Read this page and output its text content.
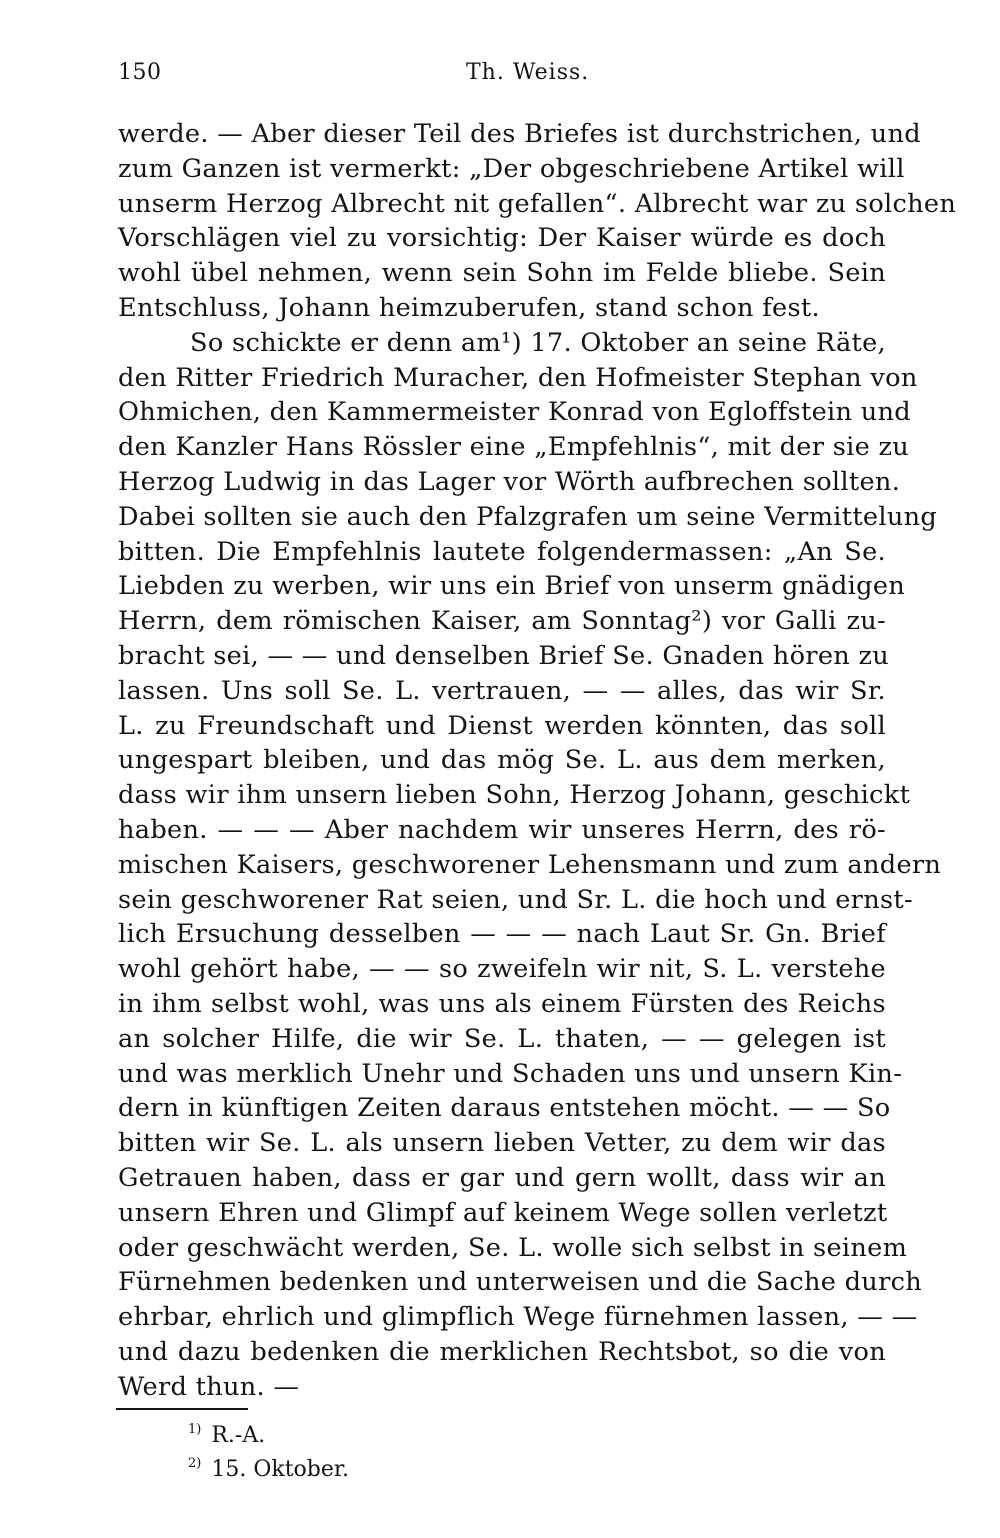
150	Th. Weiss.
werde. — Aber dieser Teil des Briefes ist durchstrichen, und
zum Ganzen ist vermerkt: „Der obgeschriebene Artikel will
unserm Herzog Albrecht nit gefallen“. Albrecht war zu solchen
Vorschlägen viel zu vorsichtig: Der Kaiser würde es doch
wohl übel nehmen, wenn sein Sohn im Felde bliebe. Sein
Entschluss, Johann heimzuberufen, stand schon fest.
So schickte er denn am¹) 17. Oktober an seine Räte,
den Ritter Friedrich Muracher, den Hofmeister Stephan von
Ohmichen, den Kammermeister Konrad von Egloffstein und
den Kanzler Hans Rössler eine „Empfehlnis“, mit der sie zu
Herzog Ludwig in das Lager vor Wörth aufbrechen sollten.
Dabei sollten sie auch den Pfalzgrafen um seine Vermittelung
bitten. Die Empfehlnis lautete folgendermassen: „An Se.
Liebden zu werben, wir uns ein Brief von unserm gnädigen
Herrn, dem römischen Kaiser, am Sonntag²) vor Galli zu-
bracht sei, — — und denselben Brief Se. Gnaden hören zu
lassen. Uns soll Se. L. vertrauen, — — alles, das wir Sr.
L. zu Freundschaft und Dienst werden könnten, das soll
ungespart bleiben, und das mög Se. L. aus dem merken,
dass wir ihm unsern lieben Sohn, Herzog Johann, geschickt
haben. — — — Aber nachdem wir unseres Herrn, des rö-
mischen Kaisers, geschworener Lehensmann und zum andern
sein geschworener Rat seien, und Sr. L. die hoch und ernst-
lich Ersuchung desselben — — — nach Laut Sr. Gn. Brief
wohl gehört habe, — — so zweifeln wir nit, S. L. verstehe
in ihm selbst wohl, was uns als einem Fürsten des Reichs
an solcher Hilfe, die wir Se. L. thaten, — — gelegen ist
und was merklich Unehr und Schaden uns und unsern Kin-
dern in künftigen Zeiten daraus entstehen möcht. — — So
bitten wir Se. L. als unsern lieben Vetter, zu dem wir das
Getrauen haben, dass er gar und gern wollt, dass wir an
unsern Ehren und Glimpf auf keinem Wege sollen verletzt
oder geschwächt werden, Se. L. wolle sich selbst in seinem
Fürnehmen bedenken und unterweisen und die Sache durch
ehrbar, ehrlich und glimpflich Wege fürnehmen lassen, — —
und dazu bedenken die merklichen Rechtsbot, so die von
Werd thun. —
$^{1)}$ R.-A.
$^{2)}$ 15. Oktober.
